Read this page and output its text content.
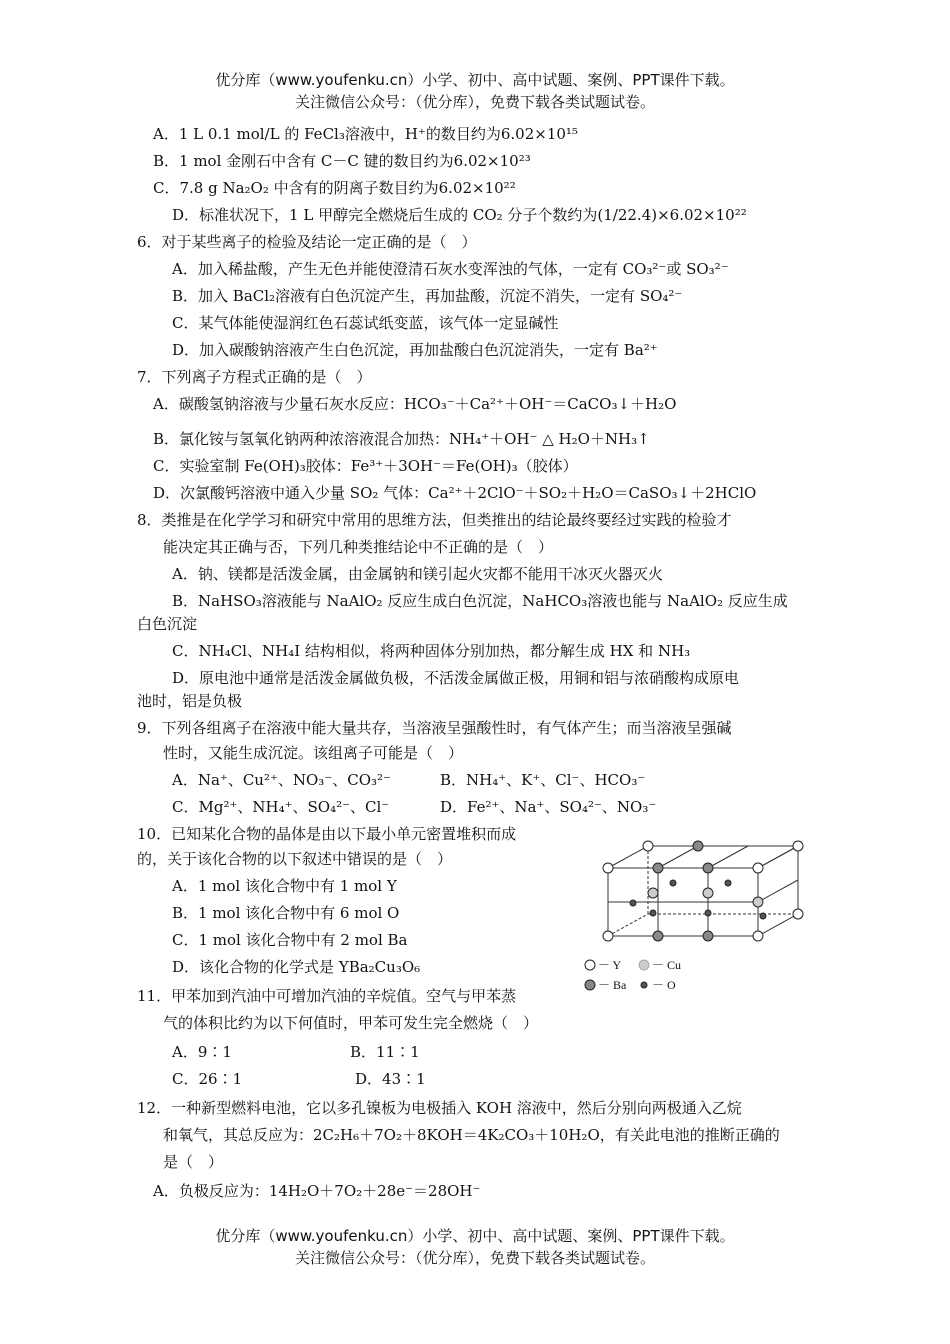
优分库（www.youfenku.cn）小学、初中、高中试题、案例、PPT课件下载。
关注微信公众号：（优分库），免费下载各类试题试卷。
A．1 L 0.1 mol/L 的 FeCl₃溶液中，H⁺的数目约为6.02×10¹⁵
B．1 mol 金刚石中含有 C－C 键的数目约为6.02×10²³
C．7.8 g Na₂O₂ 中含有的阴离子数目约为6.02×10²²
D．标准状况下，1 L 甲醇完全燃烧后生成的 CO₂ 分子个数约为(1/22.4)×6.02×10²²
6．对于某些离子的检验及结论一定正确的是（　）
A．加入稀盐酸，产生无色并能使澄清石灰水变浑浊的气体，一定有 CO₃²⁻或 SO₃²⁻
B．加入 BaCl₂溶液有白色沉淀产生，再加盐酸，沉淀不消失，一定有 SO₄²⁻
C．某气体能使湿润红色石蕊试纸变蓝，该气体一定显碱性
D．加入碳酸钠溶液产生白色沉淀，再加盐酸白色沉淀消失，一定有 Ba²⁺
7．下列离子方程式正确的是（　）
A．碳酸氢钠溶液与少量石灰水反应：HCO₃⁻＋Ca²⁺＋OH⁻＝CaCO₃↓＋H₂O
B．氯化铵与氢氧化钠两种浓溶液混合加热：NH₄⁺＋OH⁻ △ H₂O＋NH₃↑
C．实验室制 Fe(OH)₃胶体：Fe³⁺＋3OH⁻＝Fe(OH)₃（胶体）
D．次氯酸钙溶液中通入少量 SO₂ 气体：Ca²⁺＋2ClO⁻＋SO₂＋H₂O＝CaSO₃↓＋2HClO
8．类推是在化学学习和研究中常用的思维方法，但类推出的结论最终要经过实践的检验才
能决定其正确与否，下列几种类推结论中不正确的是（　）
A．钠、镁都是活泼金属，由金属钠和镁引起火灾都不能用干冰灭火器灭火
B．NaHSO₃溶液能与 NaAlO₂ 反应生成白色沉淀，NaHCO₃溶液也能与 NaAlO₂ 反应生成
白色沉淀
C．NH₄Cl、NH₄I 结构相似，将两种固体分别加热，都分解生成 HX 和 NH₃
D．原电池中通常是活泼金属做负极，不活泼金属做正极，用铜和铝与浓硝酸构成原电
池时，铝是负极
9．下列各组离子在溶液中能大量共存，当溶液呈强酸性时，有气体产生；而当溶液呈强碱
性时，又能生成沉淀。该组离子可能是（　）
A．Na⁺、Cu²⁺、NO₃⁻、CO₃²⁻	B．NH₄⁺、K⁺、Cl⁻、HCO₃⁻
C．Mg²⁺、NH₄⁺、SO₄²⁻、Cl⁻	D．Fe²⁺、Na⁺、SO₄²⁻、NO₃⁻
10．已知某化合物的晶体是由以下最小单元密置堆积而成
的，关于该化合物的以下叙述中错误的是（　）
A．1 mol 该化合物中有 1 mol Y
B．1 mol 该化合物中有 6 mol O
C．1 mol 该化合物中有 2 mol Ba
D．该化合物的化学式是 YBa₂Cu₃O₆
11．甲苯加到汽油中可增加汽油的辛烷值。空气与甲苯蒸
气的体积比约为以下何值时，甲苯可发生完全燃烧（　）
A．9∶1	B．11∶1
C．26∶1	D．43∶1
12．一种新型燃料电池，它以多孔镍板为电极插入 KOH 溶液中，然后分别向两极通入乙烷
和氧气，其总反应为：2C₂H₆＋7O₂＋8KOH＝4K₂CO₃＋10H₂O，有关此电池的推断正确的
是（　）
A．负极反应为：14H₂O＋7O₂＋28e⁻＝28OH⁻
－ Y	－ Cu
－ Ba － O
优分库（www.youfenku.cn）小学、初中、高中试题、案例、PPT课件下载。
关注微信公众号：（优分库），免费下载各类试题试卷。
